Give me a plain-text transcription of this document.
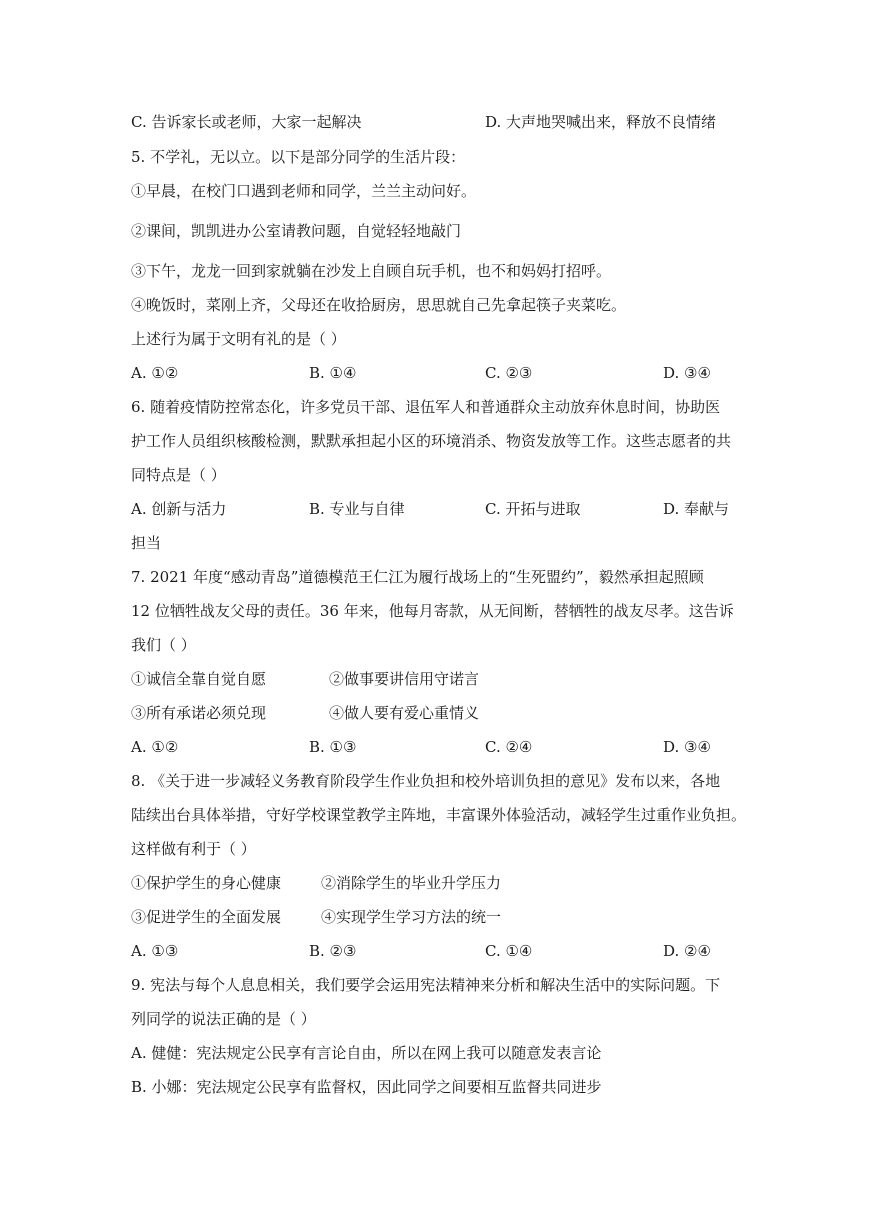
C. 告诉家长或老师，大家一起解决	D. 大声地哭喊出来，释放不良情绪
5. 不学礼，无以立。以下是部分同学的生活片段：
①早晨，在校门口遇到老师和同学，兰兰主动问好。
②课间，凯凯进办公室请教问题，自觉轻轻地敲门
③下午，龙龙一回到家就躺在沙发上自顾自玩手机，也不和妈妈打招呼。
④晚饭时，菜刚上齐，父母还在收拾厨房，思思就自己先拿起筷子夹菜吃。
上述行为属于文明有礼的是（ ）
A. ①②	B. ①④	C. ②③	D. ③④
6. 随着疫情防控常态化，许多党员干部、退伍军人和普通群众主动放弃休息时间，协助医
护工作人员组织核酸检测，默默承担起小区的环境消杀、物资发放等工作。这些志愿者的共
同特点是（ ）
A. 创新与活力	B. 专业与自律	C. 开拓与进取	D. 奉献与
担当
7. 2021 年度“感动青岛”道德模范王仁江为履行战场上的“生死盟约”，毅然承担起照顾
12 位牺牲战友父母的责任。36 年来，他每月寄款，从无间断，替牺牲的战友尽孝。这告诉
我们（ ）
①诚信全靠自觉自愿	②做事要讲信用守诺言
③所有承诺必须兑现	④做人要有爱心重情义
A. ①②	B. ①③	C. ②④	D. ③④
8. 《关于进一步减轻义务教育阶段学生作业负担和校外培训负担的意见》发布以来，各地
陆续出台具体举措，守好学校课堂教学主阵地，丰富课外体验活动，减轻学生过重作业负担。
这样做有利于（ ）
①保护学生的身心健康	②消除学生的毕业升学压力
③促进学生的全面发展	④实现学生学习方法的统一
A. ①③	B. ②③	C. ①④	D. ②④
9. 宪法与每个人息息相关，我们要学会运用宪法精神来分析和解决生活中的实际问题。下
列同学的说法正确的是（ ）
A. 健健：宪法规定公民享有言论自由，所以在网上我可以随意发表言论
B. 小娜：宪法规定公民享有监督权，因此同学之间要相互监督共同进步
